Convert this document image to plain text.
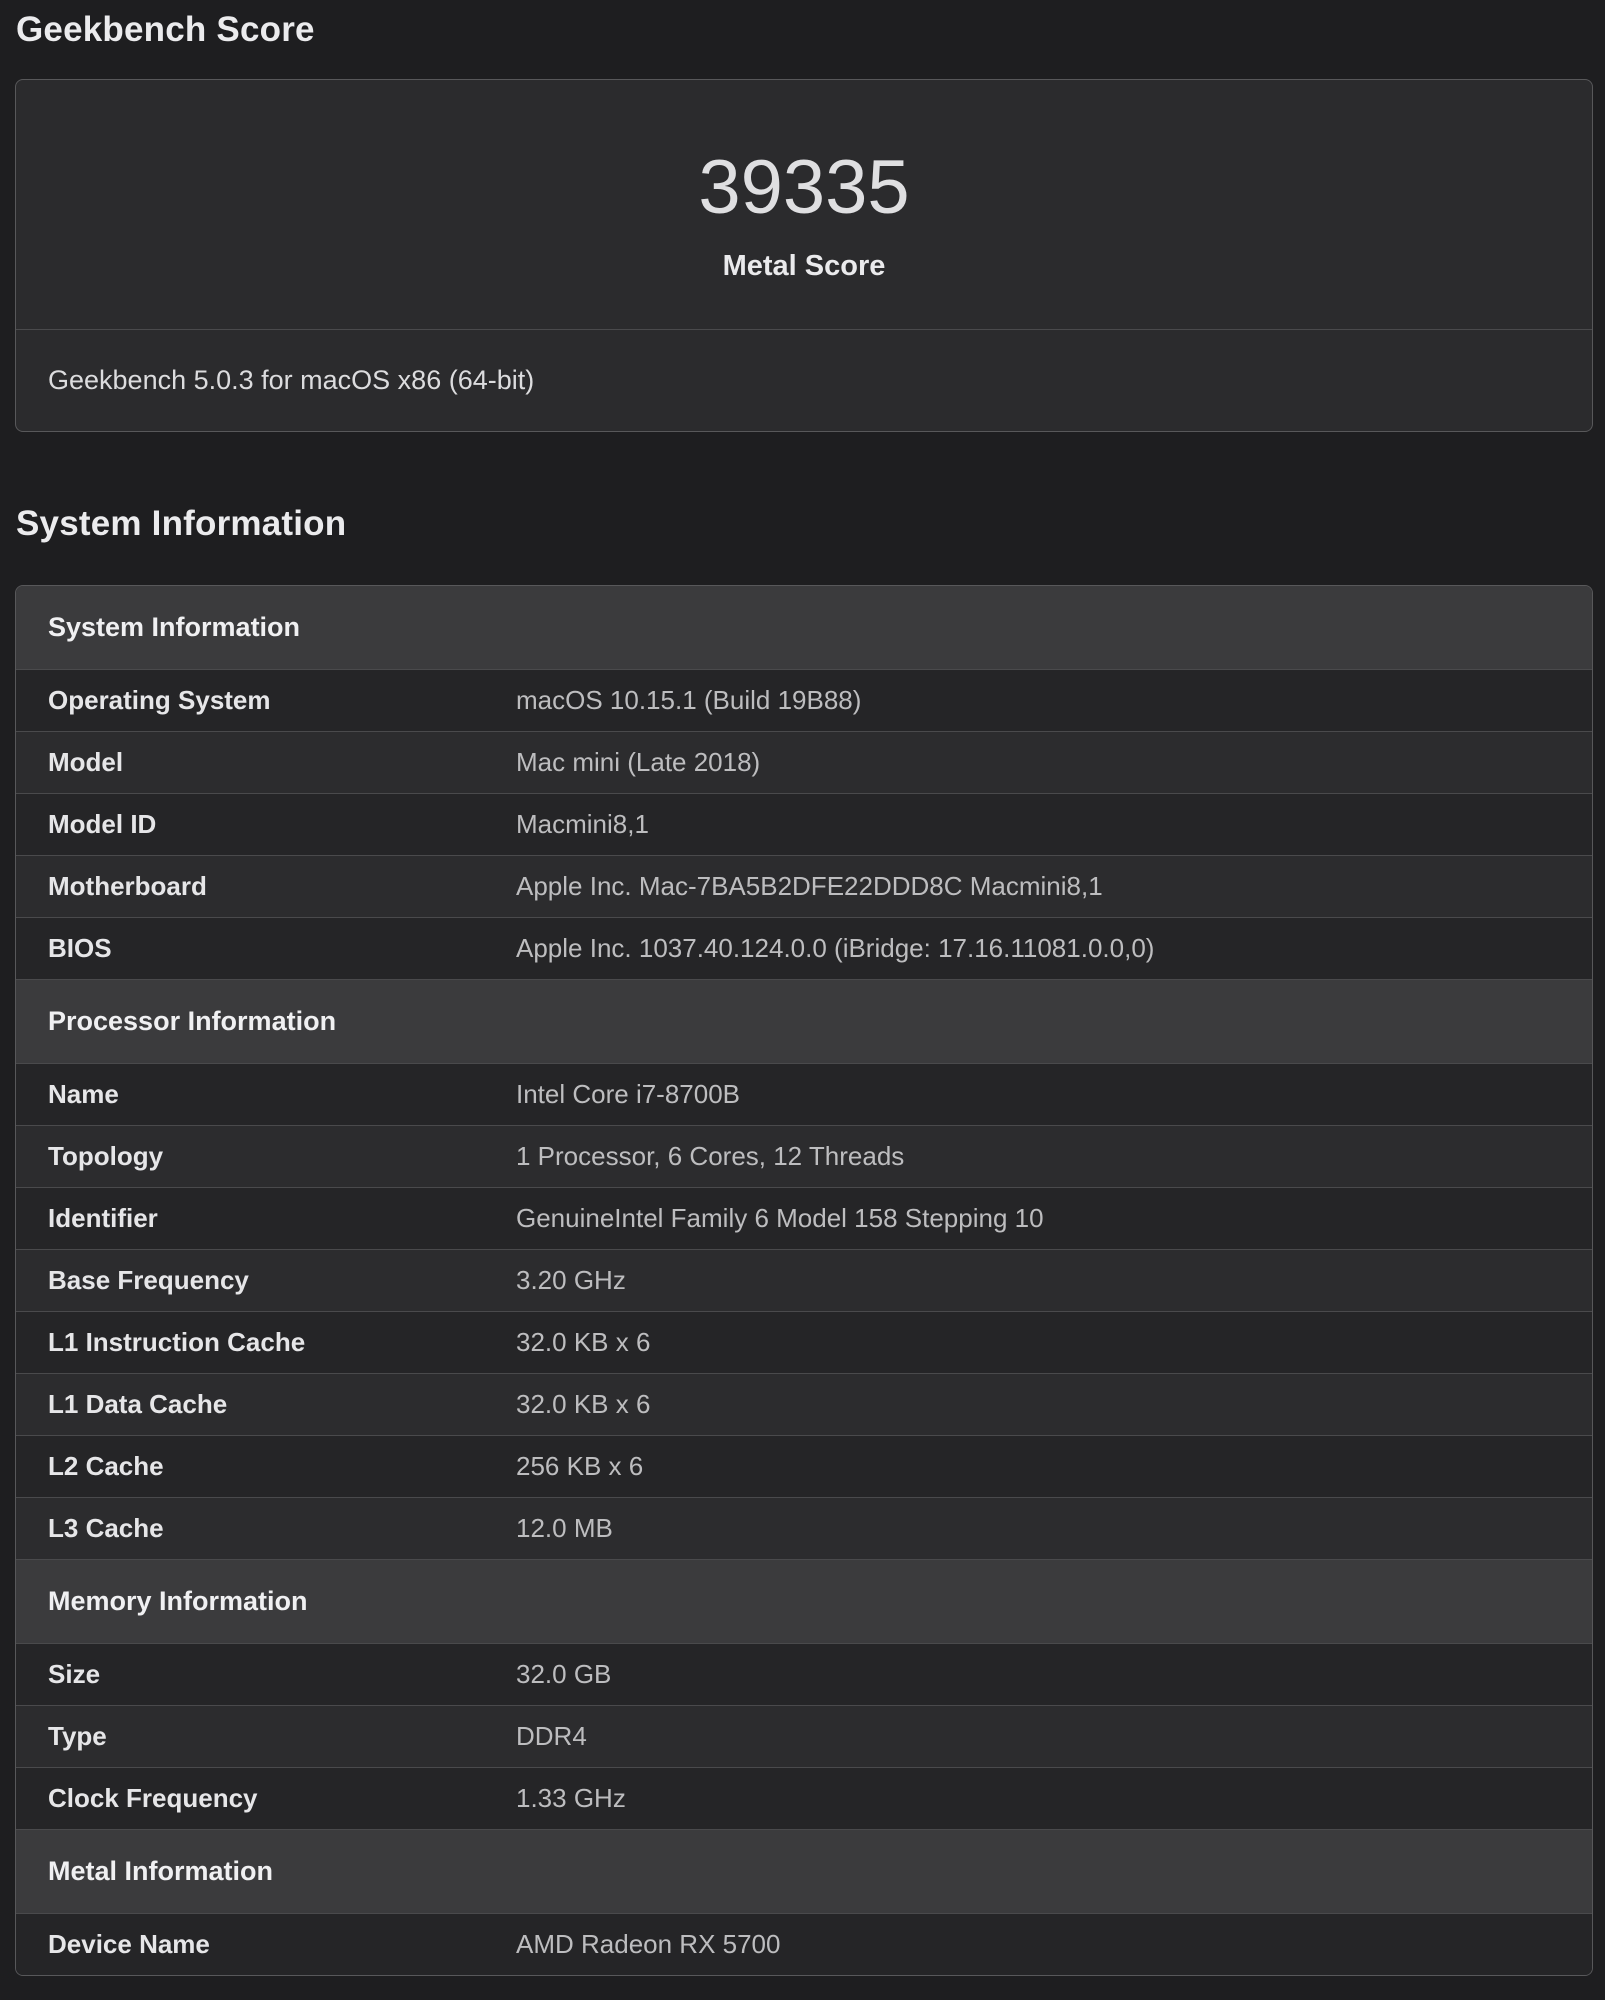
Geekbench Score
39335
Metal Score
Geekbench 5.0.3 for macOS x86 (64-bit)
System Information
System Information
Operating System	macOS 10.15.1 (Build 19B88)
Model	Mac mini (Late 2018)
Model ID	Macmini8,1
Motherboard	Apple Inc. Mac-7BA5B2DFE22DDD8C Macmini8,1
BIOS	Apple Inc. 1037.40.124.0.0 (iBridge: 17.16.11081.0.0,0)
Processor Information
Name	Intel Core i7-8700B
Topology	1 Processor, 6 Cores, 12 Threads
Identifier	GenuineIntel Family 6 Model 158 Stepping 10
Base Frequency	3.20 GHz
L1 Instruction Cache	32.0 KB x 6
L1 Data Cache	32.0 KB x 6
L2 Cache	256 KB x 6
L3 Cache	12.0 MB
Memory Information
Size	32.0 GB
Type	DDR4
Clock Frequency	1.33 GHz
Metal Information
Device Name	AMD Radeon RX 5700
